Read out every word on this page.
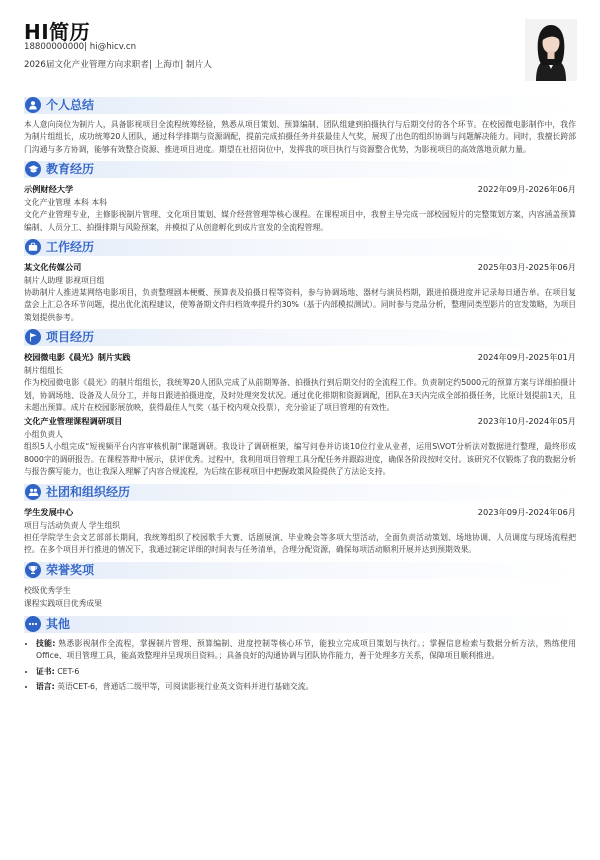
HI简历
18800000000| hi@hicv.cn
2026届文化产业管理方向求职者| 上海市| 制片人
个人总结
本人意向岗位为制片人，具备影视项目全流程统筹经验，熟悉从项目策划、预算编制、团队组建到拍摄执行与后期交付的各个环节。在校园微电影制作中，我作为制片组组长，成功统筹20人团队，通过科学排期与资源调配，提前完成拍摄任务并获最佳人气奖，展现了出色的组织协调与问题解决能力。同时，我擅长跨部门沟通与多方协调，能够有效整合资源、推进项目进度。期望在社招岗位中，发挥我的项目执行与资源整合优势，为影视项目的高效落地贡献力量。
教育经历
示例财经大学	2022年09月-2026年06月
文化产业管理 本科 本科
文化产业管理专业，主修影视制片管理、文化项目策划、媒介经营管理等核心课程。在课程项目中，我曾主导完成一部校园短片的完整策划方案，内容涵盖预算编制、人员分工、拍摄排期与风险预案，并模拟了从创意孵化到成片宣发的全流程管理。
工作经历
某文化传媒公司	2025年03月-2025年06月
制片人助理 影视项目组
协助制片人推进某网络电影项目，负责整理剧本梗概、预算表及拍摄日程等资料，参与协调场地、器材与演员档期，跟进拍摄进度并记录每日通告单。在项目复盘会上汇总各环节问题，提出优化流程建议，使筹备期文件归档效率提升约30%（基于内部模拟测试）。同时参与竞品分析，整理同类型影片的宣发策略，为项目策划提供参考。
项目经历
校园微电影《晨光》制片实践	2024年09月-2025年01月
制片组组长
作为校园微电影《晨光》的制片组组长，我统筹20人团队完成了从前期筹备、拍摄执行到后期交付的全流程工作。负责制定约5000元的预算方案与详细拍摄计划，协调场地、设备及人员分工，并每日跟进拍摄进度，及时处理突发状况。通过优化排期和资源调配，团队在3天内完成全部拍摄任务，比原计划提前1天，且未超出预算。成片在校园影展放映，获得最佳人气奖（基于校内观众投票），充分验证了项目管理的有效性。
文化产业管理课程调研项目	2023年10月-2024年05月
小组负责人
组织5人小组完成“短视频平台内容审核机制”课题调研。我设计了调研框架，编写问卷并访谈10位行业从业者，运用S\VOT分析法对数据进行整理，最终形成8000字的调研报告。在课程答辩中展示，获评优秀。过程中，我利用项目管理工具分配任务并跟踪进度，确保各阶段按时交付。该研究不仅锻炼了我的数据分析与报告撰写能力，也让我深入理解了内容合规流程，为后续在影视项目中把握政策风险提供了方法论支持。
社团和组织经历
学生发展中心	2023年09月-2024年06月
项目与活动负责人 学生组织
担任学院学生会文艺部部长期间，我统筹组织了校园歌手大赛、话剧展演、毕业晚会等多项大型活动，全面负责活动策划、场地协调、人员调度与现场流程把控。在多个项目并行推进的情况下，我通过制定详细的时间表与任务清单，合理分配资源，确保每项活动顺利开展并达到预期效果。
荣誉奖项
校级优秀学生
课程实践项目优秀成果
其他
• 技能: 熟悉影视制作全流程，掌握制片管理、预算编制、进度控制等核心环节，能独立完成项目策划与执行。；掌握信息检索与数据分析方法，熟练使用Office、项目管理工具，能高效整理并呈现项目资料。；具备良好的沟通协调与团队协作能力，善于处理多方关系，保障项目顺利推进。
• 证书: CET-6
• 语言: 英语CET-6，普通话二级甲等，可阅读影视行业英文资料并进行基础交流。
